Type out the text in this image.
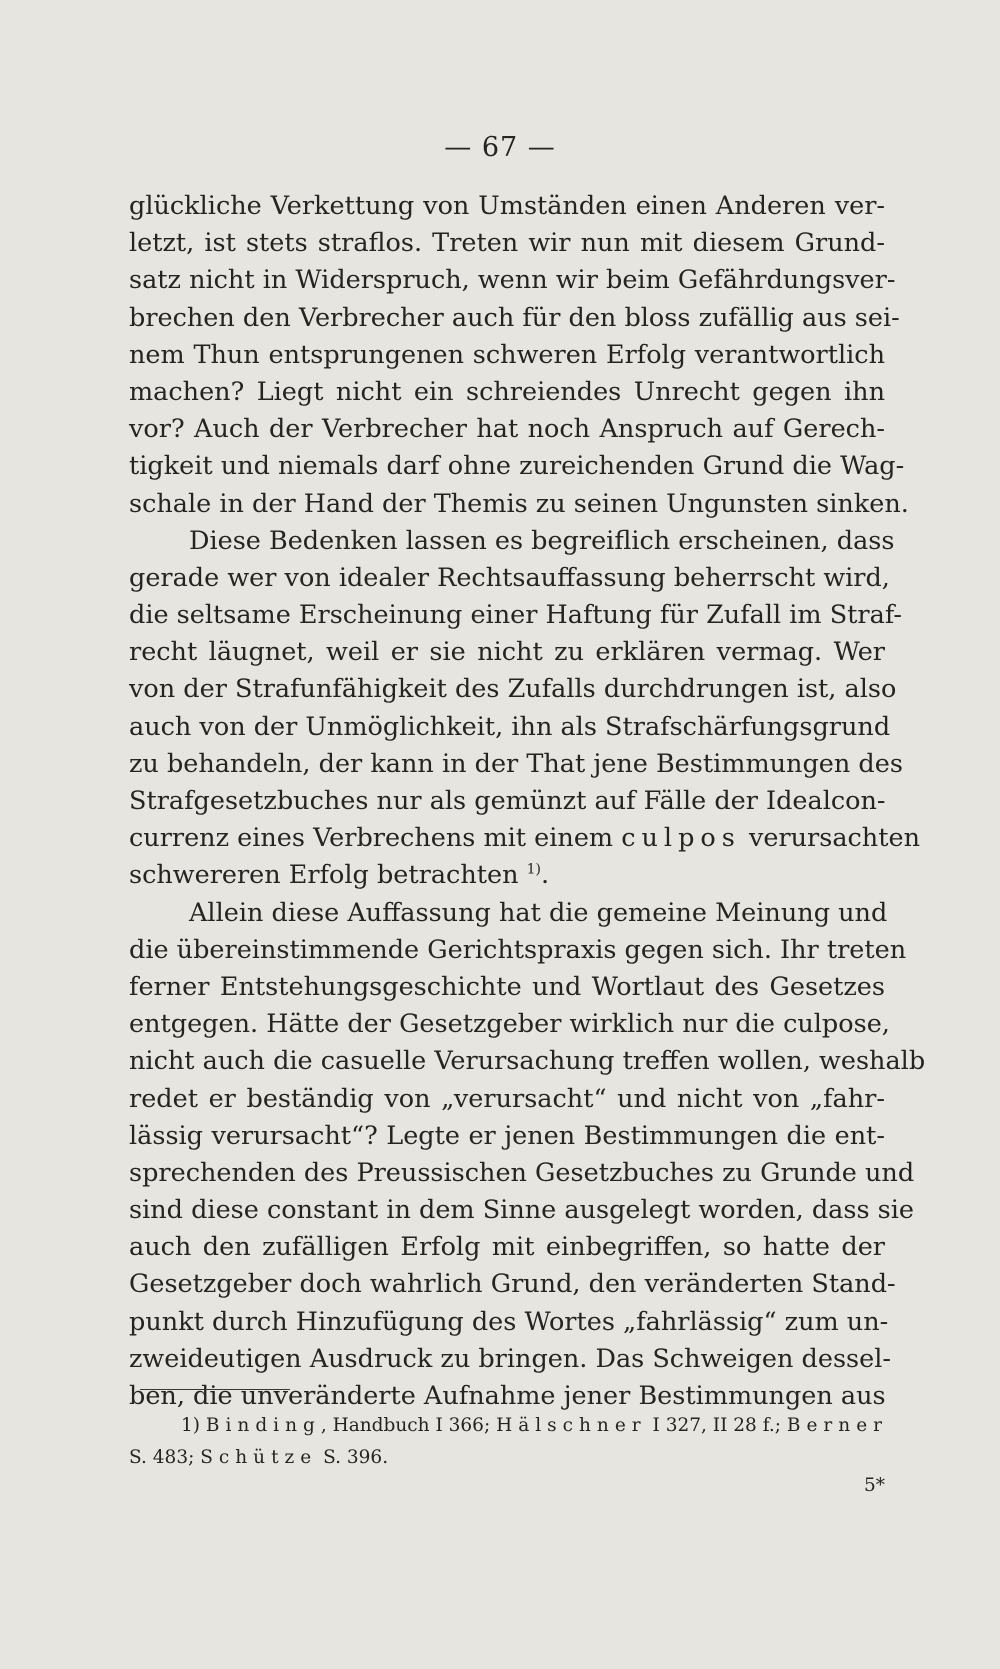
— 67 —
glückliche Verkettung von Umständen einen Anderen ver-
letzt, ist stets straflos. Treten wir nun mit diesem Grund-
satz nicht in Widerspruch, wenn wir beim Gefährdungsver-
brechen den Verbrecher auch für den bloss zufällig aus sei-
nem Thun entsprungenen schweren Erfolg verantwortlich
machen? Liegt nicht ein schreiendes Unrecht gegen ihn
vor? Auch der Verbrecher hat noch Anspruch auf Gerech-
tigkeit und niemals darf ohne zureichenden Grund die Wag-
schale in der Hand der Themis zu seinen Ungunsten sinken.
Diese Bedenken lassen es begreiflich erscheinen, dass
gerade wer von idealer Rechtsauffassung beherrscht wird,
die seltsame Erscheinung einer Haftung für Zufall im Straf-
recht läugnet, weil er sie nicht zu erklären vermag. Wer
von der Strafunfähigkeit des Zufalls durchdrungen ist, also
auch von der Unmöglichkeit, ihn als Strafschärfungsgrund
zu behandeln, der kann in der That jene Bestimmungen des
Strafgesetzbuches nur als gemünzt auf Fälle der Idealcon-
currenz eines Verbrechens mit einem culpos verursachten
schwereren Erfolg betrachten $^{1)}$.
Allein diese Auffassung hat die gemeine Meinung und
die übereinstimmende Gerichtspraxis gegen sich. Ihr treten
ferner Entstehungsgeschichte und Wortlaut des Gesetzes
entgegen. Hätte der Gesetzgeber wirklich nur die culpose,
nicht auch die casuelle Verursachung treffen wollen, weshalb
redet er beständig von „verursacht“ und nicht von „fahr-
lässig verursacht“? Legte er jenen Bestimmungen die ent-
sprechenden des Preussischen Gesetzbuches zu Grunde und
sind diese constant in dem Sinne ausgelegt worden, dass sie
auch den zufälligen Erfolg mit einbegriffen, so hatte der
Gesetzgeber doch wahrlich Grund, den veränderten Stand-
punkt durch Hinzufügung des Wortes „fahrlässig“ zum un-
zweideutigen Ausdruck zu bringen. Das Schweigen dessel-
ben, die unveränderte Aufnahme jener Bestimmungen aus
1) Binding, Handbuch I 366; Hälschner I 327, II 28 f.; Berner
S. 483; Schütze S. 396.
5*
